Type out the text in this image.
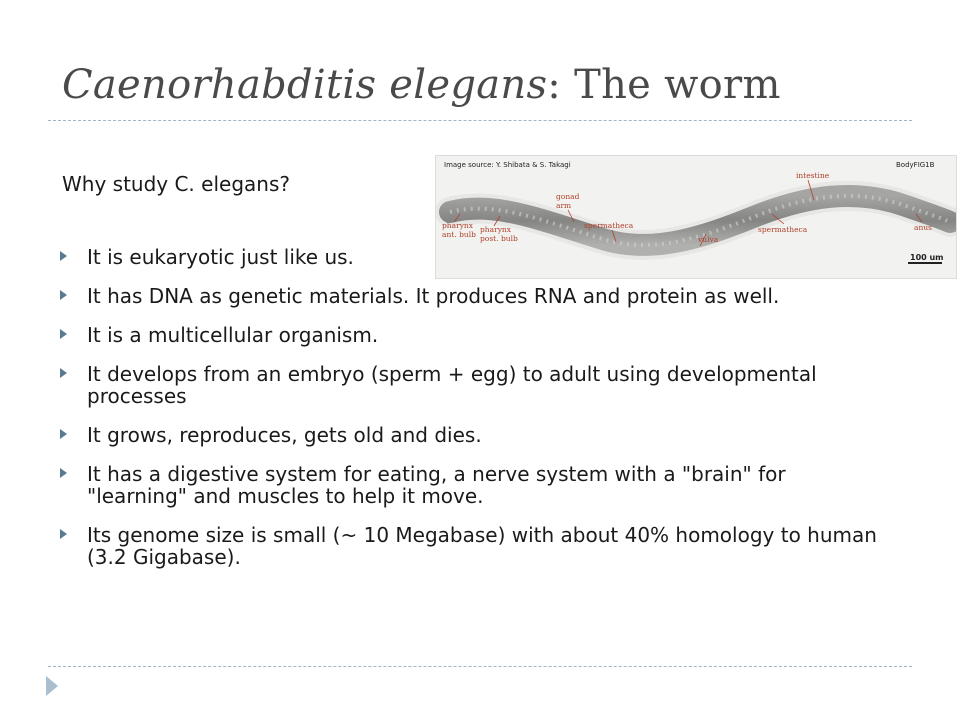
Caenorhabditis elegans: The worm
Image source: Y. Shibata & S. Takagi	BodyFIG1B
pharynx
ant. bulb
pharynx
post. bulb
gonad
arm
spermatheca
vulva
spermatheca
intestine
anus
100 um
Why study C. elegans?
It is eukaryotic just like us.
It has DNA as genetic materials. It produces RNA and protein as well.
It is a multicellular organism.
It develops from an embryo (sperm + egg) to adult using developmental processes
It grows, reproduces, gets old and dies.
It has a digestive system for eating, a nerve system with a "brain" for "learning" and muscles to help it move.
Its genome size is small (~ 10 Megabase) with about 40% homology to human (3.2 Gigabase).
